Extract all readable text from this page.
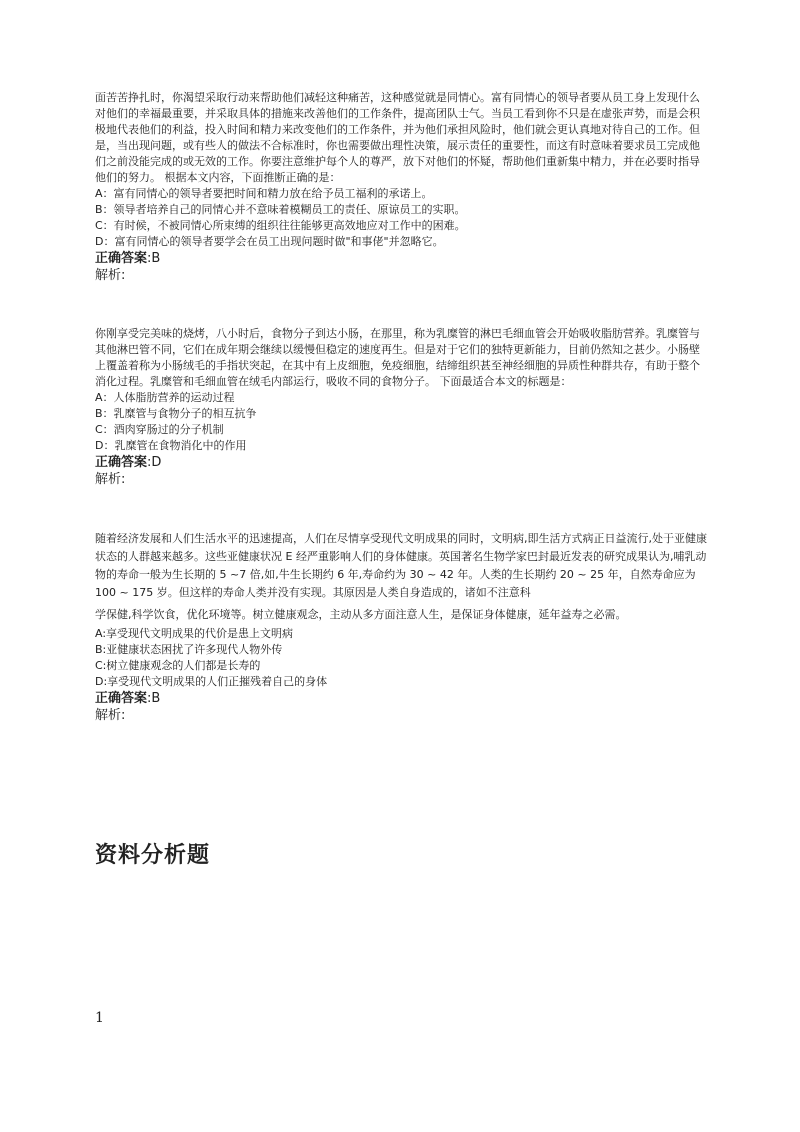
面苦苦挣扎时，你渴望采取行动来帮助他们减轻这种痛苦，这种感觉就是同情心。富有同情心的领导者要从员工身上发现什么对他们的幸福最重要，并采取具体的措施来改善他们的工作条件，提高团队士气。当员工看到你不只是在虚张声势，而是会积极地代表他们的利益，投入时间和精力来改变他们的工作条件，并为他们承担风险时，他们就会更认真地对待自己的工作。但是，当出现问题，或有些人的做法不合标准时，你也需要做出理性决策，展示责任的重要性，而这有时意味着要求员工完成他们之前没能完成的或无效的工作。你要注意维护每个人的尊严，放下对他们的怀疑，帮助他们重新集中精力，并在必要时指导他们的努力。 根据本文内容，下面推断正确的是：

A：富有同情心的领导者要把时间和精力放在给予员工福利的承诺上。

B：领导者培养自己的同情心并不意味着模糊员工的责任、原谅员工的实职。

C：有时候，不被同情心所束缚的组织往往能够更高效地应对工作中的困难。

D：富有同情心的领导者要学会在员工出现问题时做"和事佬"并忽略它。

正确答案:B

解析:

你刚享受完美味的烧烤，八小时后，食物分子到达小肠，在那里，称为乳糜管的淋巴毛细血管会开始吸收脂肪营养。乳糜管与其他淋巴管不同，它们在成年期会继续以缓慢但稳定的速度再生。但是对于它们的独特更新能力，目前仍然知之甚少。小肠壁上覆盖着称为小肠绒毛的手指状突起，在其中有上皮细胞，免疫细胞，结缔组织甚至神经细胞的异质性种群共存，有助于整个消化过程。乳糜管和毛细血管在绒毛内部运行，吸收不同的食物分子。 下面最适合本文的标题是：

A：人体脂肪营养的运动过程

B：乳糜管与食物分子的相互抗争

C：酒肉穿肠过的分子机制

D：乳糜管在食物消化中的作用

正确答案:D

解析:

随着经济发展和人们生活水平的迅速提高，人们在尽情享受现代文明成果的同时，文明病,即生活方式病正日益流行,处于亚健康状态的人群越来越多。这些亚健康状况 E 经严重影响人们的身体健康。英国著名生物学家巴封最近发表的研究成果认为,哺乳动物的寿命一般为生长期的 5 ~7 倍,如,牛生长期约 6 年,寿命约为 30 ~ 42 年。人类的生长期约 20 ~ 25 年，自然寿命应为 100 ~ 175 岁。但这样的寿命人类并没有实现。其原因是人类自身造成的，诸如不注意科

学保健,科学饮食，优化环境等。树立健康观念，主动从多方面注意人生，是保证身体健康，延年益寿之必需。

A:享受现代文明成果的代价是患上文明病

B:亚健康状态困扰了许多现代人物外传

C:树立健康观念的人们都是长寿的

D:享受现代文明成果的人们正摧残着自己的身体

正确答案:B

解析:

资料分析题
1
